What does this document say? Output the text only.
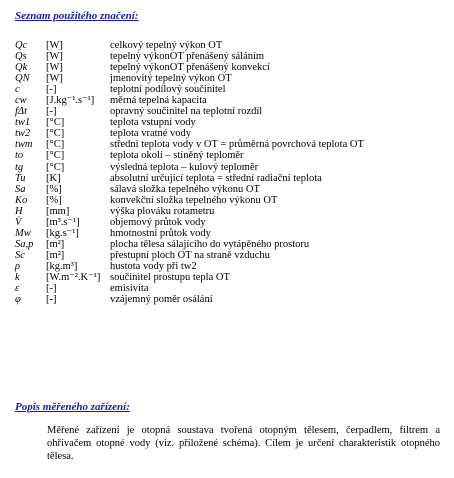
Seznam použitého značení:
Qc	[W]	celkový tepelný výkon OT
Qs	[W]	tepelný výkonOT přenášený sáláním
Qk	[W]	tepelný výkonOT přenášený konvekcí
QN	[W]	jmenovitý tepelný výkon OT
c	[-]	teplotní podílový součinitel
cw	[J.kg⁻¹.s⁻¹]	měrná tepelná kapacita
fΔt	[-]	opravný součinitel na teplotní rozdíl
tw1	[°C]	teplota vstupní vody
tw2	[°C]	teplota vratné vody
twm	[°C]	střední teplota vody v OT = průměrná povrchová teplota OT
to	[°C]	teplota okolí – stíněný teploměr
tg	[°C]	výsledná teplota – kulový teploměr
Tu	[K]	absolutní určující teplota = střední radiační teplota
Sa	[%]	sálavá složka tepelného výkonu OT
Ko	[%]	konvekční složka tepelného výkonu OT
H	[mm]	výška plováku rotametru
V̇	[m³.s⁻¹]	objemový průtok vody
Mw	[kg.s⁻¹]	hmotnostní průtok vody
Sa,p	[m²]	plocha tělesa sálajícího do vytápěného prostoru
Sc	[m²]	přestupní ploch OT na straně vzduchu
ρ	[kg.m³]	hustota vody při tw2
k	[W.m⁻².K⁻¹]	součinitel prostupu tepla OT
ε	[-]	emisivita
φ	[-]	vzájemný poměr osálání
Popis měřeného zařízení:
Měřené zařízení je otopná soustava tvořená otopným tělesem, čerpadlem, filtrem a ohřívačem otopné vody (viz. přiložené schéma). Cílem je určení charakteristik otopného tělesa.
